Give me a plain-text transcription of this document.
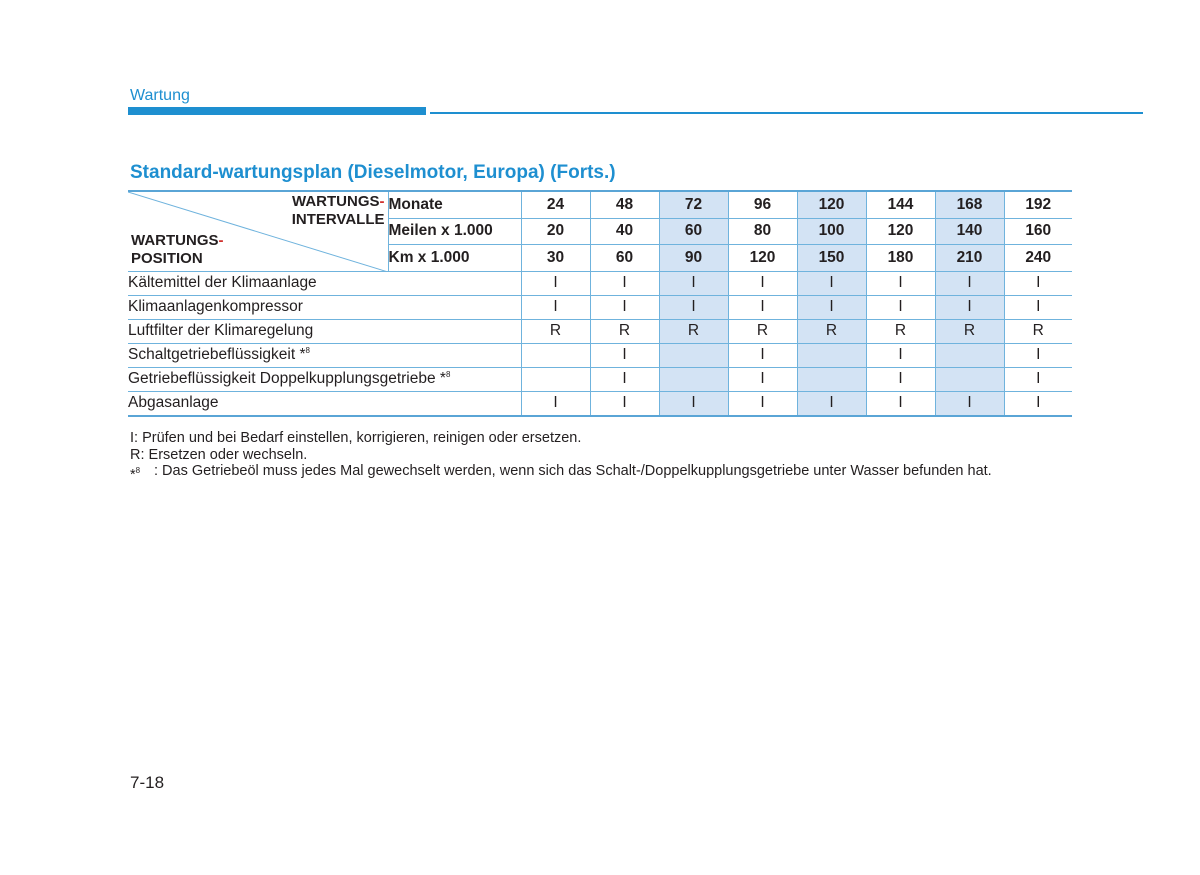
Wartung
Standard-wartungsplan (Dieselmotor, Europa) (Forts.)
WARTUNGS-
INTERVALLE
WARTUNGS-
POSITION	Monate	24	48	72	96	120	144	168	192
	Meilen x 1.000	20	40	60	80	100	120	140	160
	Km x 1.000	30	60	90	120	150	180	210	240
Kältemittel der Klimaanlage		I	I	I	I	I	I	I	I
Klimaanlagenkompressor		I	I	I	I	I	I	I	I
Luftfilter der Klimaregelung		R	R	R	R	R	R	R	R
Schaltgetriebeflüssigkeit *$^8$			I		I		I		I
Getriebeflüssigkeit Doppelkupplungsgetriebe *$^8$			I		I		I		I
Abgasanlage		I	I	I	I	I	I	I	I

I: Prüfen und bei Bedarf einstellen, korrigieren, reinigen oder ersetzen.

R: Ersetzen oder wechseln.

*$^8$ : Das Getriebeöl muss jedes Mal gewechselt werden, wenn sich das Schalt-/Doppelkupplungsgetriebe unter Wasser befunden hat.
7-18
